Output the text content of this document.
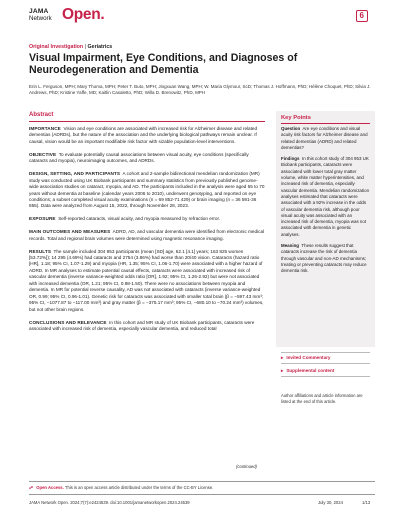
JAMA
Network Open.	6
Original Investigation | Geriatrics
Visual Impairment, Eye Conditions, and Diagnoses of Neurodegeneration and Dementia
Erin L. Ferguson, MPH; Mary Thoma, MPH; Peter T. Buto, MPH; Jingxuan Wang, MPH; W. Maria Glymour, ScD; Thomas J. Hoffmann, PhD; Hélène Choquet, PhD; Silvia J. Andrews, PhD; Kristine Yaffe, MD; Kaitlin Casaletto, PhD; Willa D. Brenowitz, PhD, MPH
Abstract

IMPORTANCE Vision and eye conditions are associated with increased risk for Alzheimer disease and related dementias (ADRDs), but the nature of the association and the underlying biological pathways remain unclear. If causal, vision would be an important modifiable risk factor with sizable population-level interventions.

OBJECTIVE To evaluate potentially causal associations between visual acuity, eye conditions (specifically cataracts and myopia), neuroimaging outcomes, and ADRDs.

DESIGN, SETTING, AND PARTICIPANTS A cohort and 2-sample bidirectional mendelian randomization (MR) study was conducted using UK Biobank participants and summary statistics from previously published genome-wide association studies on cataract, myopia, and AD. The participants included in the analysis were aged 55 to 70 years without dementia at baseline (calendar years 2006 to 2010), underwent genotyping, and reported on eye conditions; a subset completed visual acuity examinations (n = 69 852-71 429) or brain imaging (n = 36 591-36 855). Data were analyzed from August 15, 2022, through November 28, 2023.

EXPOSURE Self-reported cataracts, visual acuity, and myopia measured by refraction error.

MAIN OUTCOMES AND MEASURES ADRD, AD, and vascular dementia were identified from electronic medical records. Total and regional brain volumes were determined using magnetic resonance imaging.

RESULTS The sample included 304 953 participants (mean [SD] age, 62.1 [4.1] years; 163 825 women [53.72%]); 14 295 (4.69%) had cataracts and 2754 (3.86%) had worse than 20/40 vision. Cataracts (hazard ratio [HR], 1.18; 95% CI, 1.07-1.29) and myopia (HR, 1.35; 95% CI, 1.06-1.70) were associated with a higher hazard of ADRD. In MR analyses to estimate potential causal effects, cataracts were associated with increased risk of vascular dementia (inverse variance-weighted odds ratio [OR], 1.92; 95% CI, 1.26-2.92) but were not associated with increased dementia (OR, 1.21; 95% CI, 0.98-1.50). There were no associations between myopia and dementia. In MR for potential reverse causality, AD was not associated with cataracts (inverse variance-weighted OR, 0.99; 95% CI, 0.96-1.01). Genetic risk for cataracts was associated with smaller total brain (β = −597.43 mm³; 95% CI, −1077.87 to −117.00 mm³) and gray matter (β = −375.17 mm³; 95% CI, −680.10 to −70.24 mm³) volumes, but not other brain regions.

CONCLUSIONS AND RELEVANCE In this cohort and MR study of UK Biobank participants, cataracts were associated with increased risk of dementia, especially vascular dementia, and reduced total

(continued)
Key Points

Question Are eye conditions and visual acuity risk factors for Alzheimer disease and related dementias (ADRD) and related dementias?

Findings In this cohort study of 304 953 UK Biobank participants, cataracts were associated with lower total gray matter volume, white matter hyperintensities, and increased risk of dementia, especially vascular dementia. Mendelian randomization analyses estimated that cataracts were associated with a 92% increase in the odds of vascular dementia risk, although poor visual acuity was associated with an increased risk of dementia, myopia was not associated with dementia in genetic analyses.

Meaning These results suggest that cataracts increase the risk of dementia through vascular and non-AD mechanisms; treating or preventing cataracts may reduce dementia risk.

▸ Invited Commentary
▸ Supplemental content
Author affiliations and article information are listed at the end of this article.
☍ Open Access. This is an open access article distributed under the terms of the CC-BY License.
JAMA Network Open. 2024;7(7):e2424539. doi:10.1001/jamanetworkopen.2024.24539	July 30, 2024	1/13
